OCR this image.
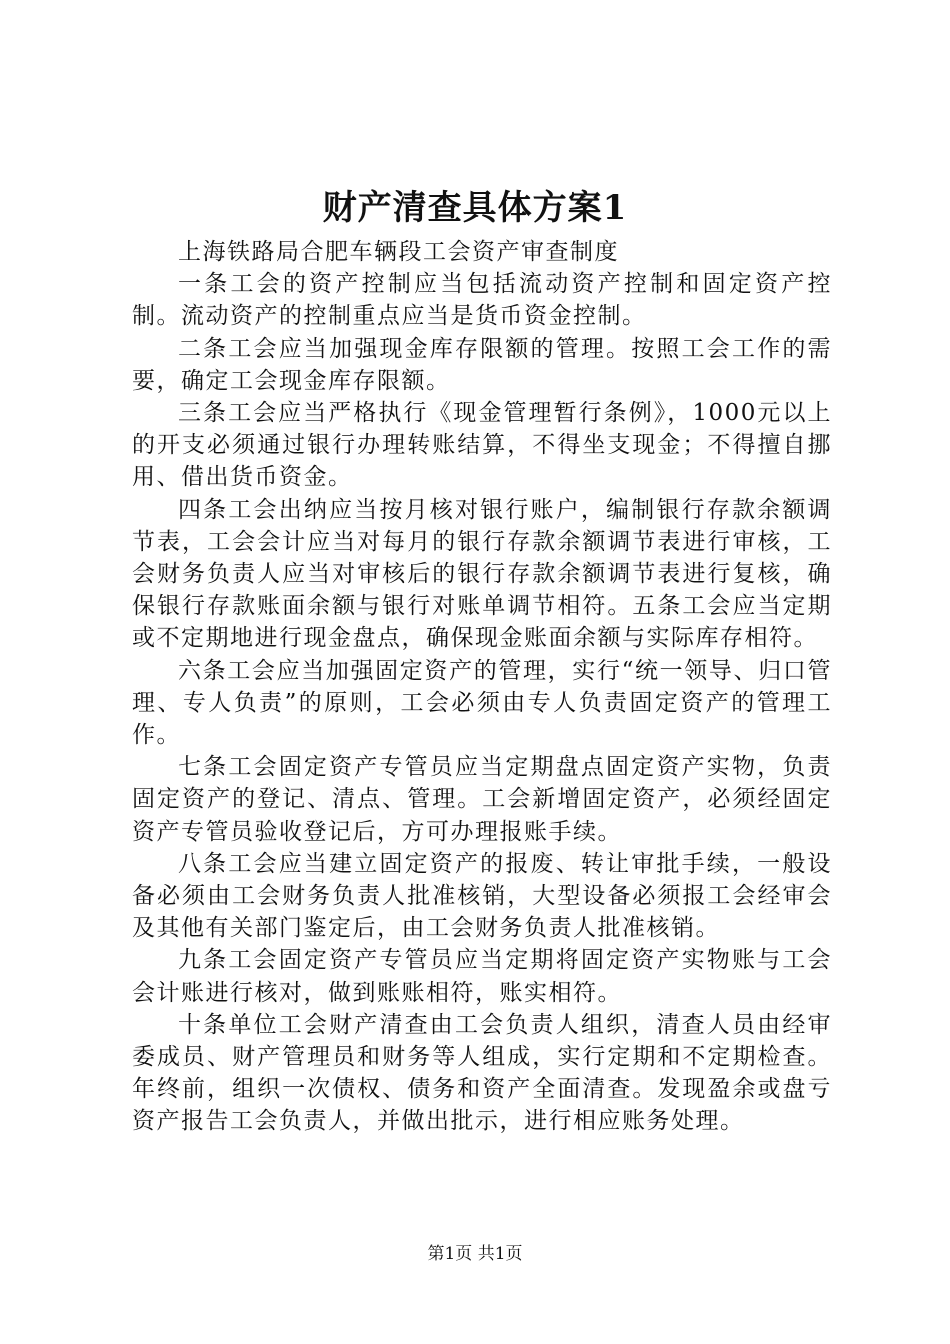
财产清查具体方案1

上海铁路局合肥车辆段工会资产审查制度

一条工会的资产控制应当包括流动资产控制和固定资产控制。流动资产的控制重点应当是货币资金控制。

二条工会应当加强现金库存限额的管理。按照工会工作的需要，确定工会现金库存限额。

三条工会应当严格执行《现金管理暂行条例》，1000元以上的开支必须通过银行办理转账结算，不得坐支现金；不得擅自挪用、借出货币资金。

四条工会出纳应当按月核对银行账户，编制银行存款余额调节表，工会会计应当对每月的银行存款余额调节表进行审核，工会财务负责人应当对审核后的银行存款余额调节表进行复核，确保银行存款账面余额与银行对账单调节相符。五条工会应当定期或不定期地进行现金盘点，确保现金账面余额与实际库存相符。

六条工会应当加强固定资产的管理，实行“统一领导、归口管理、专人负责”的原则，工会必须由专人负责固定资产的管理工作。

七条工会固定资产专管员应当定期盘点固定资产实物，负责固定资产的登记、清点、管理。工会新增固定资产，必须经固定资产专管员验收登记后，方可办理报账手续。

八条工会应当建立固定资产的报废、转让审批手续，一般设备必须由工会财务负责人批准核销，大型设备必须报工会经审会及其他有关部门鉴定后，由工会财务负责人批准核销。

九条工会固定资产专管员应当定期将固定资产实物账与工会会计账进行核对，做到账账相符，账实相符。

十条单位工会财产清查由工会负责人组织，清查人员由经审委成员、财产管理员和财务等人组成，实行定期和不定期检查。年终前，组织一次债权、债务和资产全面清查。发现盈余或盘亏资产报告工会负责人，并做出批示，进行相应账务处理。

第1页 共1页
